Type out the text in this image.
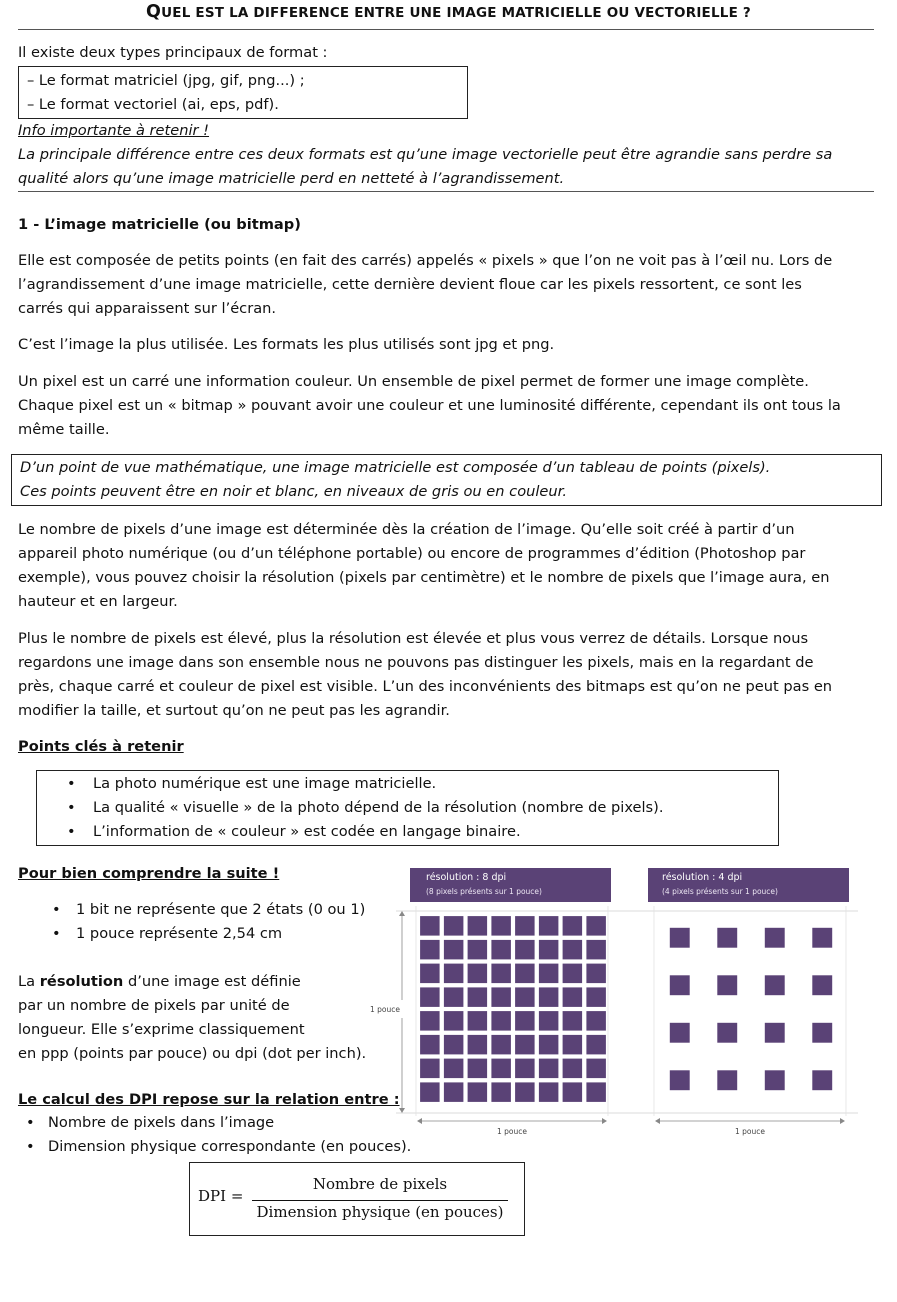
QUEL EST LA DIFFERENCE ENTRE UNE IMAGE MATRICIELLE OU VECTORIELLE ?
Il existe deux types principaux de format :
– Le format matriciel (jpg, gif, png...) ;
– Le format vectoriel (ai, eps, pdf).
Info importante à retenir !
La principale différence entre ces deux formats est qu’une image vectorielle peut être agrandie sans perdre sa
qualité alors qu’une image matricielle perd en netteté à l’agrandissement.
1 - L’image matricielle (ou bitmap)
Elle est composée de petits points (en fait des carrés) appelés « pixels » que l’on ne voit pas à l’œil nu. Lors de
l’agrandissement d’une image matricielle, cette dernière devient floue car les pixels ressortent, ce sont les
carrés qui apparaissent sur l’écran.
C’est l’image la plus utilisée. Les formats les plus utilisés sont jpg et png.
Un pixel est un carré une information couleur. Un ensemble de pixel permet de former une image complète.
Chaque pixel est un « bitmap » pouvant avoir une couleur et une luminosité différente, cependant ils ont tous la
même taille.
D’un point de vue mathématique, une image matricielle est composée d’un tableau de points (pixels).
Ces points peuvent être en noir et blanc, en niveaux de gris ou en couleur.
Le nombre de pixels d’une image est déterminée dès la création de l’image. Qu’elle soit créé à partir d’un
appareil photo numérique (ou d’un téléphone portable) ou encore de programmes d’édition (Photoshop par
exemple), vous pouvez choisir la résolution (pixels par centimètre) et le nombre de pixels que l’image aura, en
hauteur et en largeur.
Plus le nombre de pixels est élevé, plus la résolution est élevée et plus vous verrez de détails. Lorsque nous
regardons une image dans son ensemble nous ne pouvons pas distinguer les pixels, mais en la regardant de
près, chaque carré et couleur de pixel est visible. L’un des inconvénients des bitmaps est qu’on ne peut pas en
modifier la taille, et surtout qu’on ne peut pas les agrandir.
Points clés à retenir
• La photo numérique est une image matricielle.
• La qualité « visuelle » de la photo dépend de la résolution (nombre de pixels).
• L’information de « couleur » est codée en langage binaire.
Pour bien comprendre la suite !
• 1 bit ne représente que 2 états (0 ou 1)
• 1 pouce représente 2,54 cm
La résolution d’une image est définie
par un nombre de pixels par unité de
longueur. Elle s’exprime classiquement
en ppp (points par pouce) ou dpi (dot per inch).
Le calcul des DPI repose sur la relation entre :
• Nombre de pixels dans l’image
• Dimension physique correspondante (en pouces).
résolution : 8 dpi
(8 pixels présents sur 1 pouce)
résolution : 4 dpi
(4 pixels présents sur 1 pouce)
1 pouce
1 pouce	1 pouce
DPI =
Nombre de pixels
Dimension physique (en pouces)
